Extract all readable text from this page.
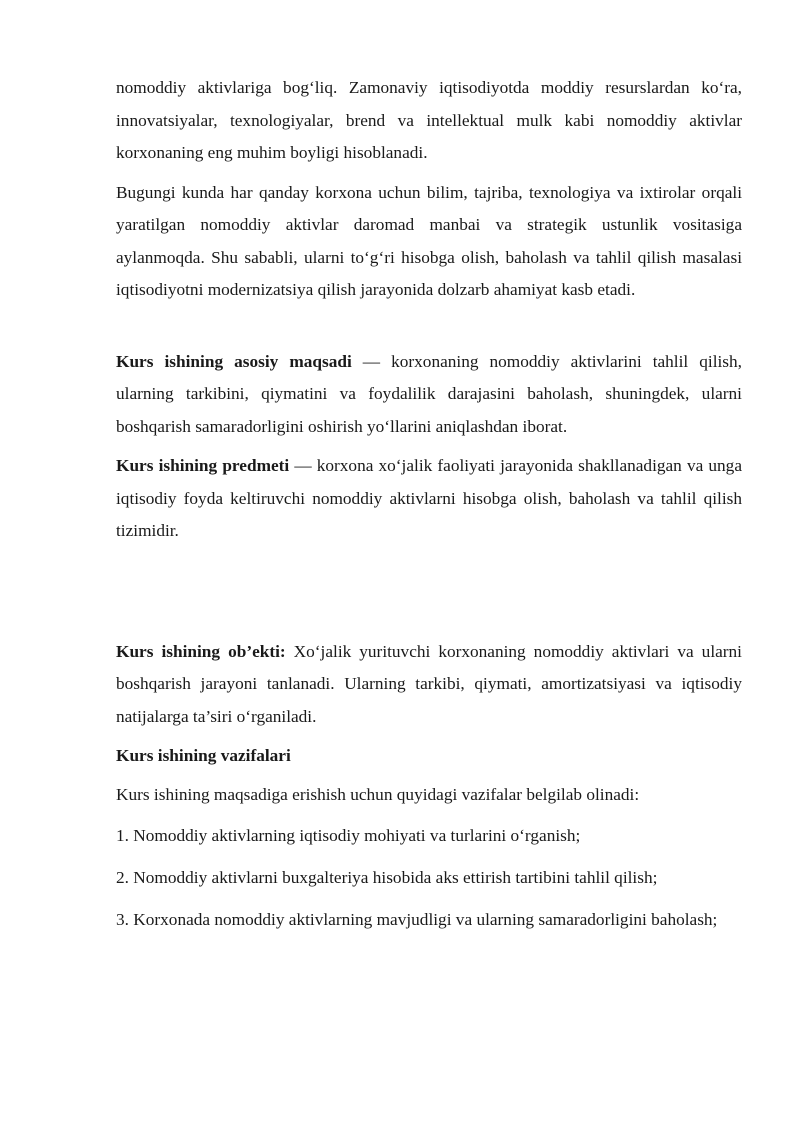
nomoddiy aktivlariga bog‘liq. Zamonaviy iqtisodiyotda moddiy resurslardan ko‘ra, innovatsiyalar, texnologiyalar, brend va intellektual mulk kabi nomoddiy aktivlar korxonaning eng muhim boyligi hisoblanadi.

Bugungi kunda har qanday korxona uchun bilim, tajriba, texnologiya va ixtirolar orqali yaratilgan nomoddiy aktivlar daromad manbai va strategik ustunlik vositasiga aylanmoqda. Shu sababli, ularni to‘g‘ri hisobga olish, baholash va tahlil qilish masalasi iqtisodiyotni modernizatsiya qilish jarayonida dolzarb ahamiyat kasb etadi.

Kurs ishining asosiy maqsadi — korxonaning nomoddiy aktivlarini tahlil qilish, ularning tarkibini, qiymatini va foydalilik darajasini baholash, shuningdek, ularni boshqarish samaradorligini oshirish yo‘llarini aniqlashdan iborat.

Kurs ishining predmeti — korxona xo‘jalik faoliyati jarayonida shakllanadigan va unga iqtisodiy foyda keltiruvchi nomoddiy aktivlarni hisobga olish, baholash va tahlil qilish tizimidir.

Kurs ishining ob’ekti: Xo‘jalik yurituvchi korxonaning nomoddiy aktivlari va ularni boshqarish jarayoni tanlanadi. Ularning tarkibi, qiymati, amortizatsiyasi va iqtisodiy natijalarga ta’siri o‘rganiladi.

Kurs ishining vazifalari

Kurs ishining maqsadiga erishish uchun quyidagi vazifalar belgilab olinadi:

1. Nomoddiy aktivlarning iqtisodiy mohiyati va turlarini o‘rganish;

2. Nomoddiy aktivlarni buxgalteriya hisobida aks ettirish tartibini tahlil qilish;

3. Korxonada nomoddiy aktivlarning mavjudligi va ularning samaradorligini baholash;
